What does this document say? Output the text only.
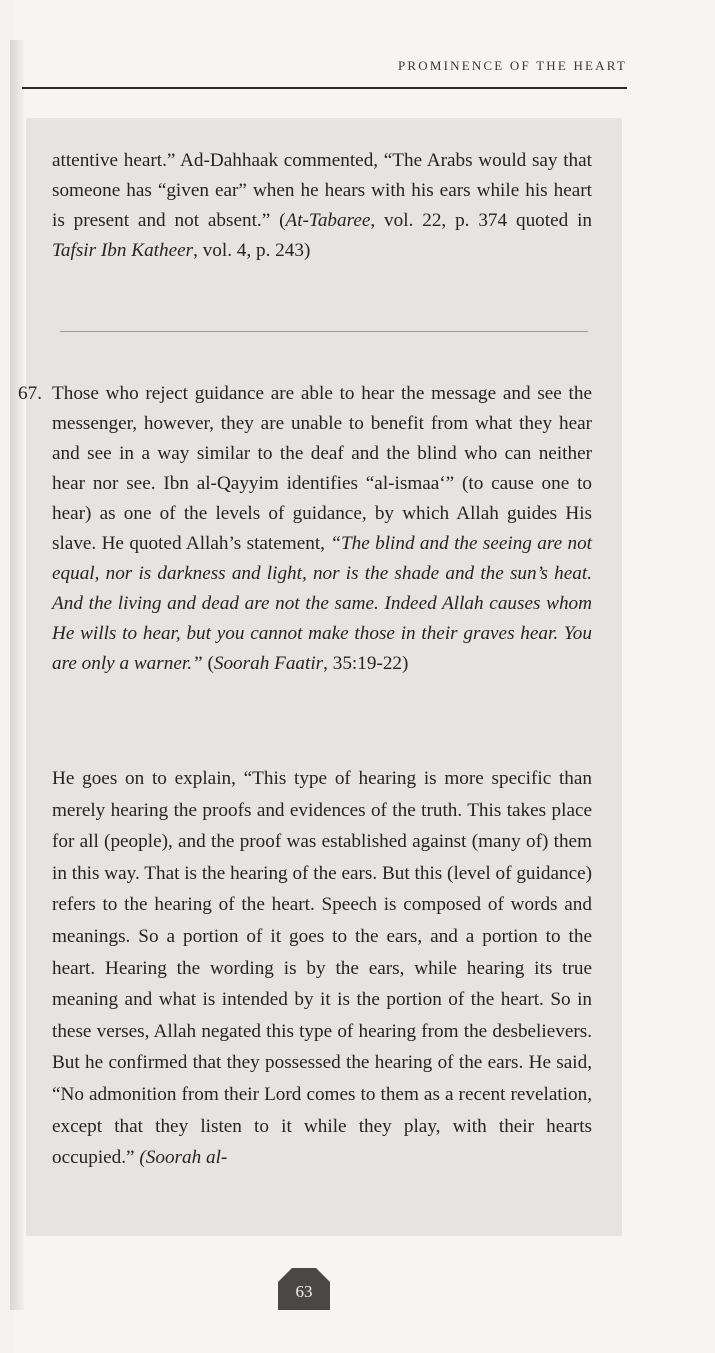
PROMINENCE OF THE HEART

attentive heart.” Ad-Dahhaak commented, “The Arabs would say that someone has “given ear” when he hears with his ears while his heart is present and not absent.” (At-Tabaree, vol. 22, p. 374 quoted in Tafsir Ibn Katheer, vol. 4, p. 243)

67. Those who reject guidance are able to hear the message and see the messenger, however, they are unable to benefit from what they hear and see in a way similar to the deaf and the blind who can neither hear nor see. Ibn al-Qayyim identifies “al-ismaa‘” (to cause one to hear) as one of the levels of guidance, by which Allah guides His slave. He quoted Allah’s statement, “The blind and the seeing are not equal, nor is darkness and light, nor is the shade and the sun’s heat. And the living and dead are not the same. Indeed Allah causes whom He wills to hear, but you cannot make those in their graves hear. You are only a warner.” (Soorah Faatir, 35:19-22)

He goes on to explain, “This type of hearing is more specific than merely hearing the proofs and evidences of the truth. This takes place for all (people), and the proof was established against (many of) them in this way. That is the hearing of the ears. But this (level of guidance) refers to the hearing of the heart. Speech is composed of words and meanings. So a portion of it goes to the ears, and a portion to the heart. Hearing the wording is by the ears, while hearing its true meaning and what is intended by it is the portion of the heart. So in these verses, Allah negated this type of hearing from the desbelievers. But he confirmed that they possessed the hearing of the ears. He said, “No admonition from their Lord comes to them as a recent revelation, except that they listen to it while they play, with their hearts occupied.” (Soorah al-

63
